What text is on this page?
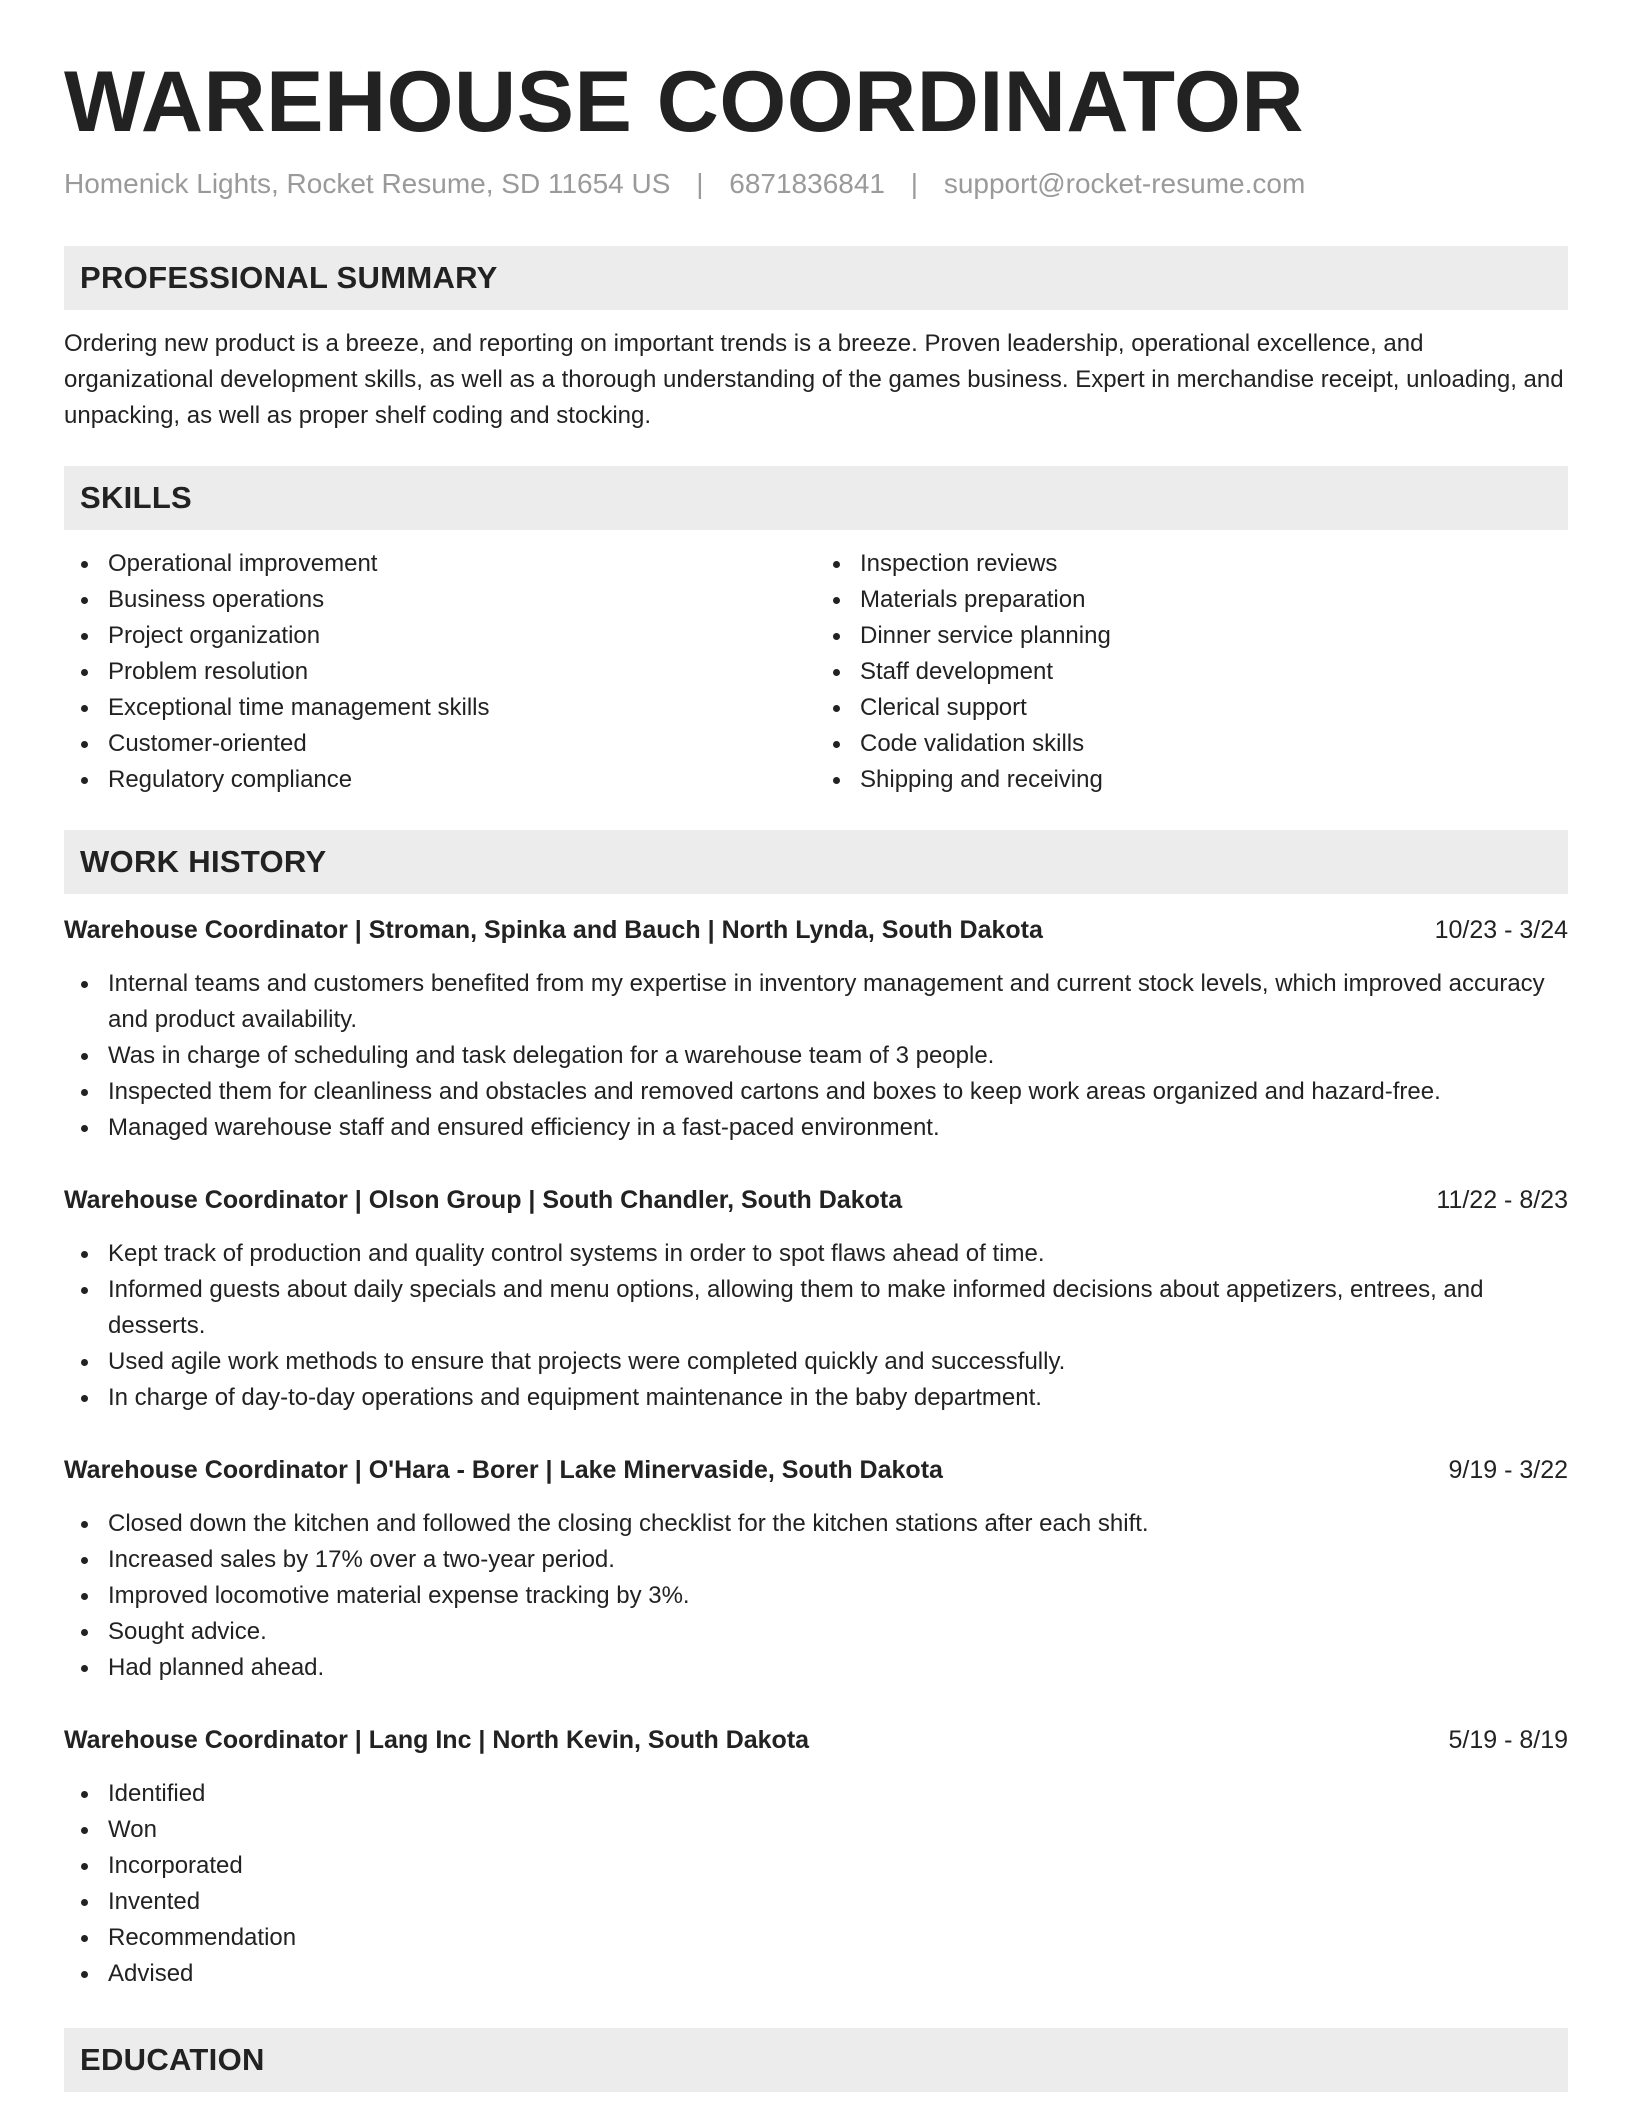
WAREHOUSE COORDINATOR
Homenick Lights, Rocket Resume, SD 11654 US | 6871836841 | support@rocket-resume.com
PROFESSIONAL SUMMARY

Ordering new product is a breeze, and reporting on important trends is a breeze. Proven leadership, operational excellence, and organizational development skills, as well as a thorough understanding of the games business. Expert in merchandise receipt, unloading, and unpacking, as well as proper shelf coding and stocking.

SKILLS
Operational improvement
Business operations
Project organization
Problem resolution
Exceptional time management skills
Customer-oriented
Regulatory compliance
Inspection reviews
Materials preparation
Dinner service planning
Staff development
Clerical support
Code validation skills
Shipping and receiving
WORK HISTORY
Warehouse Coordinator | Stroman, Spinka and Bauch | North Lynda, South Dakota	10/23 - 3/24
Internal teams and customers benefited from my expertise in inventory management and current stock levels, which improved accuracy and product availability.
Was in charge of scheduling and task delegation for a warehouse team of 3 people.
Inspected them for cleanliness and obstacles and removed cartons and boxes to keep work areas organized and hazard-free.
Managed warehouse staff and ensured efficiency in a fast-paced environment.
Warehouse Coordinator | Olson Group | South Chandler, South Dakota	11/22 - 8/23
Kept track of production and quality control systems in order to spot flaws ahead of time.
Informed guests about daily specials and menu options, allowing them to make informed decisions about appetizers, entrees, and desserts.
Used agile work methods to ensure that projects were completed quickly and successfully.
In charge of day-to-day operations and equipment maintenance in the baby department.
Warehouse Coordinator | O'Hara - Borer | Lake Minervaside, South Dakota	9/19 - 3/22
Closed down the kitchen and followed the closing checklist for the kitchen stations after each shift.
Increased sales by 17% over a two-year period.
Improved locomotive material expense tracking by 3%.
Sought advice.
Had planned ahead.
Warehouse Coordinator | Lang Inc | North Kevin, South Dakota	5/19 - 8/19
Identified
Won
Incorporated
Invented
Recommendation
Advised
EDUCATION
